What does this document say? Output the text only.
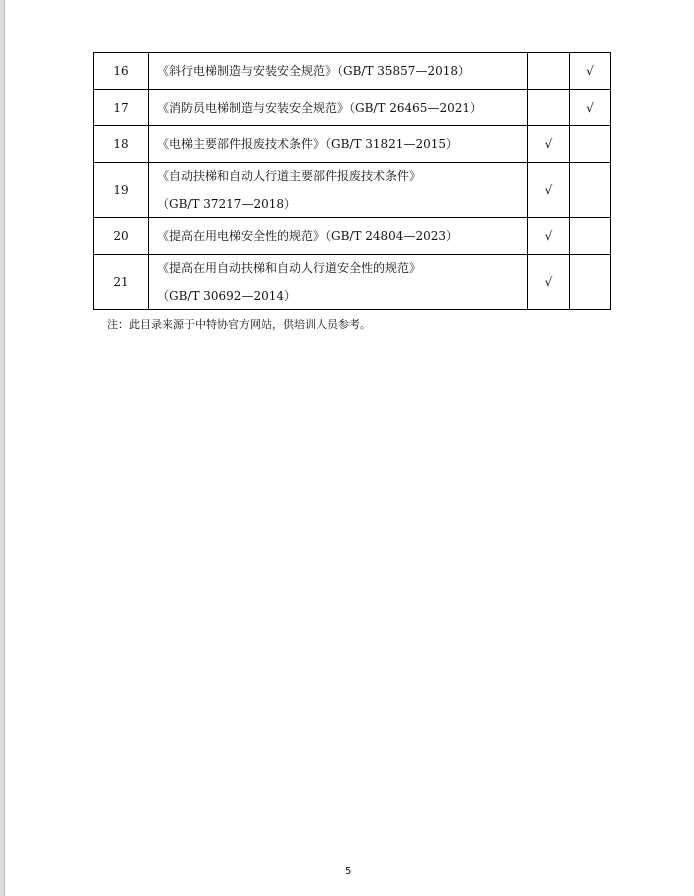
16	《斜行电梯制造与安装安全规范》（GB/T 35857—2018）		√
17	《消防员电梯制造与安装安全规范》（GB/T 26465—2021）		√
18	《电梯主要部件报废技术条件》（GB/T 31821—2015）	√	
19	《自动扶梯和自动人行道主要部件报废技术条件》
（GB/T 37217—2018）	√	
20	《提高在用电梯安全性的规范》（GB/T 24804—2023）	√	
21	《提高在用自动扶梯和自动人行道安全性的规范》
（GB/T 30692—2014）	√	
注：此目录来源于中特协官方网站，供培训人员参考。
5
